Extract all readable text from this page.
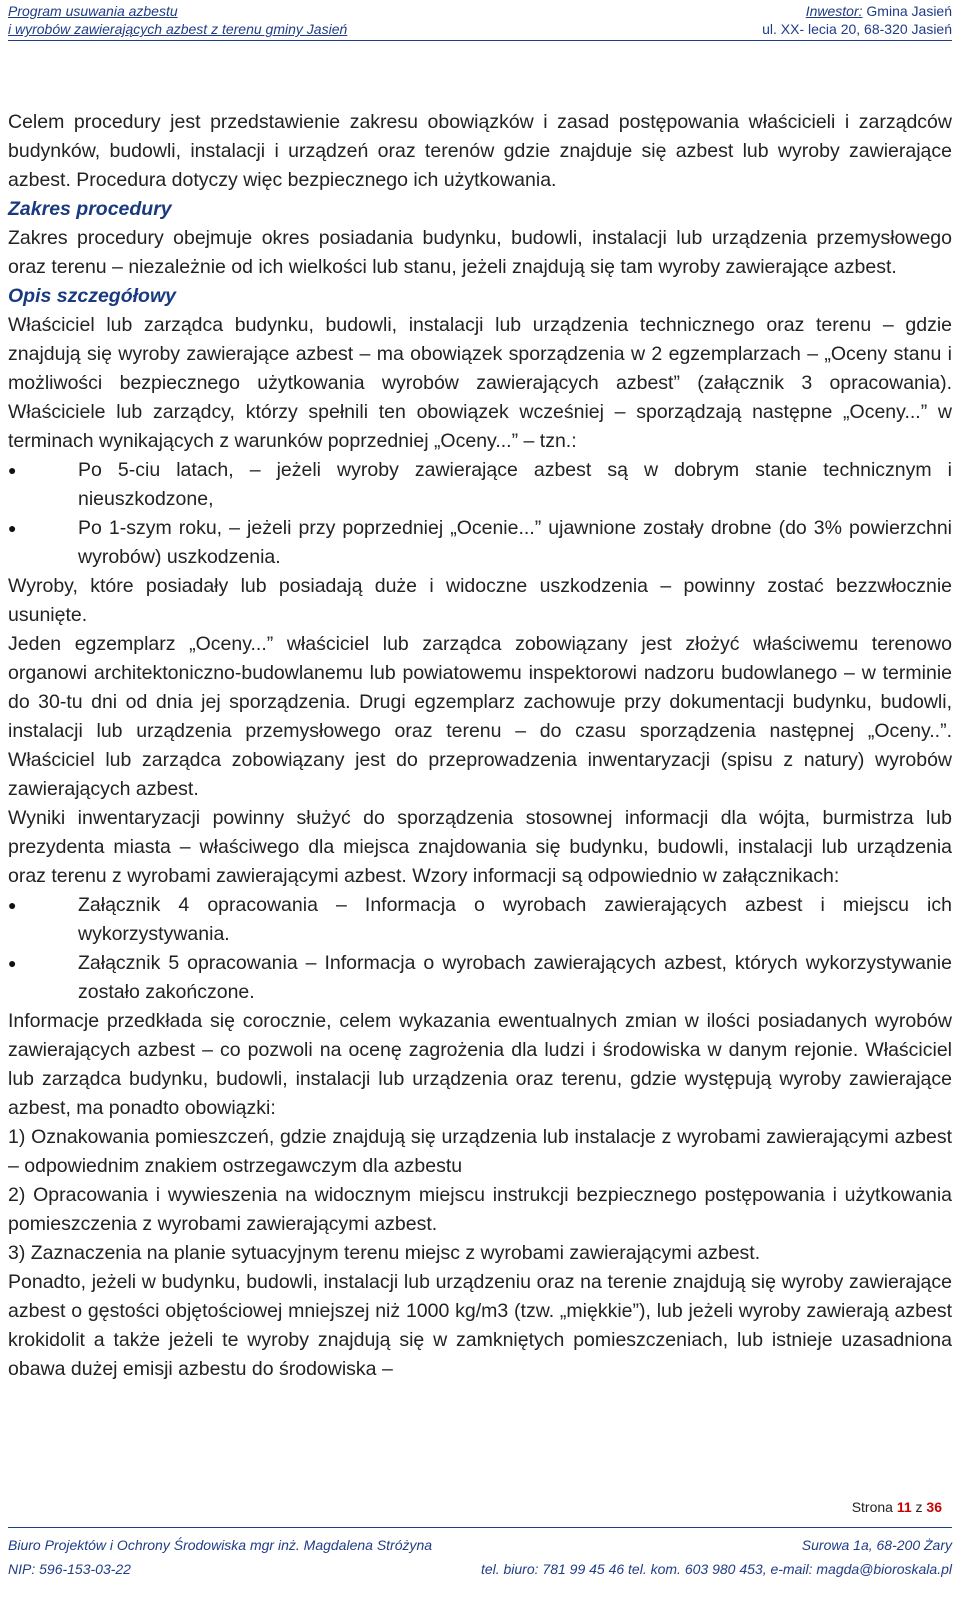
Program usuwania azbestu
i wyrobów zawierających azbest z terenu gminy Jasień
Inwestor: Gmina Jasień
ul. XX- lecia 20, 68-320 Jasień

Celem procedury jest przedstawienie zakresu obowiązków i zasad postępowania właścicieli i zarządców budynków, budowli, instalacji i urządzeń oraz terenów gdzie znajduje się azbest lub wyroby zawierające azbest. Procedura dotyczy więc bezpiecznego ich użytkowania.

Zakres procedury

Zakres procedury obejmuje okres posiadania budynku, budowli, instalacji lub urządzenia przemysłowego oraz terenu – niezależnie od ich wielkości lub stanu, jeżeli znajdują się tam wyroby zawierające azbest.

Opis szczegółowy

Właściciel lub zarządca budynku, budowli, instalacji lub urządzenia technicznego oraz terenu – gdzie znajdują się wyroby zawierające azbest – ma obowiązek sporządzenia w 2 egzemplarzach – „Oceny stanu i możliwości bezpiecznego użytkowania wyrobów zawierających azbest” (załącznik 3 opracowania). Właściciele lub zarządcy, którzy spełnili ten obowiązek wcześniej – sporządzają następne „Oceny...” w terminach wynikających z warunków poprzedniej „Oceny...” – tzn.:

● Po 5-ciu latach, – jeżeli wyroby zawierające azbest są w dobrym stanie technicznym i nieuszkodzone,
● Po 1-szym roku, – jeżeli przy poprzedniej „Ocenie...” ujawnione zostały drobne (do 3% powierzchni wyrobów) uszkodzenia.

Wyroby, które posiadały lub posiadają duże i widoczne uszkodzenia – powinny zostać bezzwłocznie usunięte.

Jeden egzemplarz „Oceny...” właściciel lub zarządca zobowiązany jest złożyć właściwemu terenowo organowi architektoniczno-budowlanemu lub powiatowemu inspektorowi nadzoru budowlanego – w terminie do 30-tu dni od dnia jej sporządzenia. Drugi egzemplarz zachowuje przy dokumentacji budynku, budowli, instalacji lub urządzenia przemysłowego oraz terenu – do czasu sporządzenia następnej „Oceny..”. Właściciel lub zarządca zobowiązany jest do przeprowadzenia inwentaryzacji (spisu z natury) wyrobów zawierających azbest.

Wyniki inwentaryzacji powinny służyć do sporządzenia stosownej informacji dla wójta, burmistrza lub prezydenta miasta – właściwego dla miejsca znajdowania się budynku, budowli, instalacji lub urządzenia oraz terenu z wyrobami zawierającymi azbest. Wzory informacji są odpowiednio w załącznikach:

● Załącznik 4 opracowania – Informacja o wyrobach zawierających azbest i miejscu ich wykorzystywania.
● Załącznik 5 opracowania – Informacja o wyrobach zawierających azbest, których wykorzystywanie zostało zakończone.

Informacje przedkłada się corocznie, celem wykazania ewentualnych zmian w ilości posiadanych wyrobów zawierających azbest – co pozwoli na ocenę zagrożenia dla ludzi i środowiska w danym rejonie. Właściciel lub zarządca budynku, budowli, instalacji lub urządzenia oraz terenu, gdzie występują wyroby zawierające azbest, ma ponadto obowiązki:

1) Oznakowania pomieszczeń, gdzie znajdują się urządzenia lub instalacje z wyrobami zawierającymi azbest – odpowiednim znakiem ostrzegawczym dla azbestu

2) Opracowania i wywieszenia na widocznym miejscu instrukcji bezpiecznego postępowania i użytkowania pomieszczenia z wyrobami zawierającymi azbest.

3) Zaznaczenia na planie sytuacyjnym terenu miejsc z wyrobami zawierającymi azbest.

Ponadto, jeżeli w budynku, budowli, instalacji lub urządzeniu oraz na terenie znajdują się wyroby zawierające azbest o gęstości objętościowej mniejszej niż 1000 kg/m3 (tzw. „miękkie”), lub jeżeli wyroby zawierają azbest krokidolit a także jeżeli te wyroby znajdują się w zamkniętych pomieszczeniach, lub istnieje uzasadniona obawa dużej emisji azbestu do środowiska –

Strona 11 z 36
Biuro Projektów i Ochrony Środowiska mgr inż. Magdalena Stróżyna	Surowa 1a, 68-200 Żary
NIP: 596-153-03-22	tel. biuro: 781 99 45 46 tel. kom. 603 980 453, e-mail: magda@bioroskala.pl
